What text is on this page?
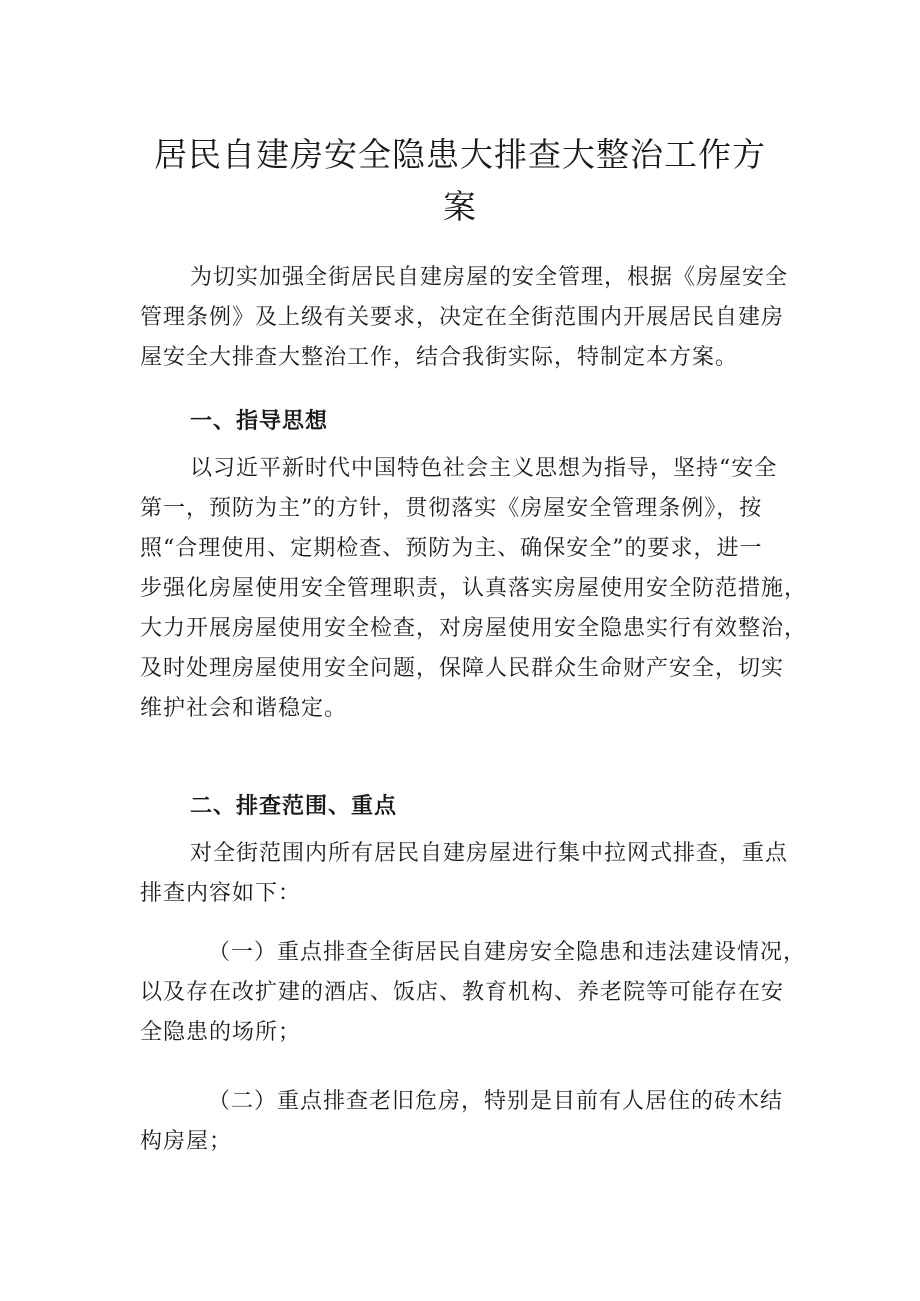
居民自建房安全隐患大排查大整治工作方
案
为切实加强全街居民自建房屋的安全管理，根据《房屋安全
管理条例》及上级有关要求，决定在全街范围内开展居民自建房
屋安全大排查大整治工作，结合我街实际，特制定本方案。
一、指导思想
以习近平新时代中国特色社会主义思想为指导，坚持“安全
第一，预防为主”的方针，贯彻落实《房屋安全管理条例》，按
照“合理使用、定期检查、预防为主、确保安全”的要求，进一
步强化房屋使用安全管理职责，认真落实房屋使用安全防范措施，
大力开展房屋使用安全检查，对房屋使用安全隐患实行有效整治，
及时处理房屋使用安全问题，保障人民群众生命财产安全，切实
维护社会和谐稳定。
二、排查范围、重点
对全街范围内所有居民自建房屋进行集中拉网式排查，重点
排查内容如下：
（一）重点排查全街居民自建房安全隐患和违法建设情况，
以及存在改扩建的酒店、饭店、教育机构、养老院等可能存在安
全隐患的场所；
（二）重点排查老旧危房，特别是目前有人居住的砖木结
构房屋；
